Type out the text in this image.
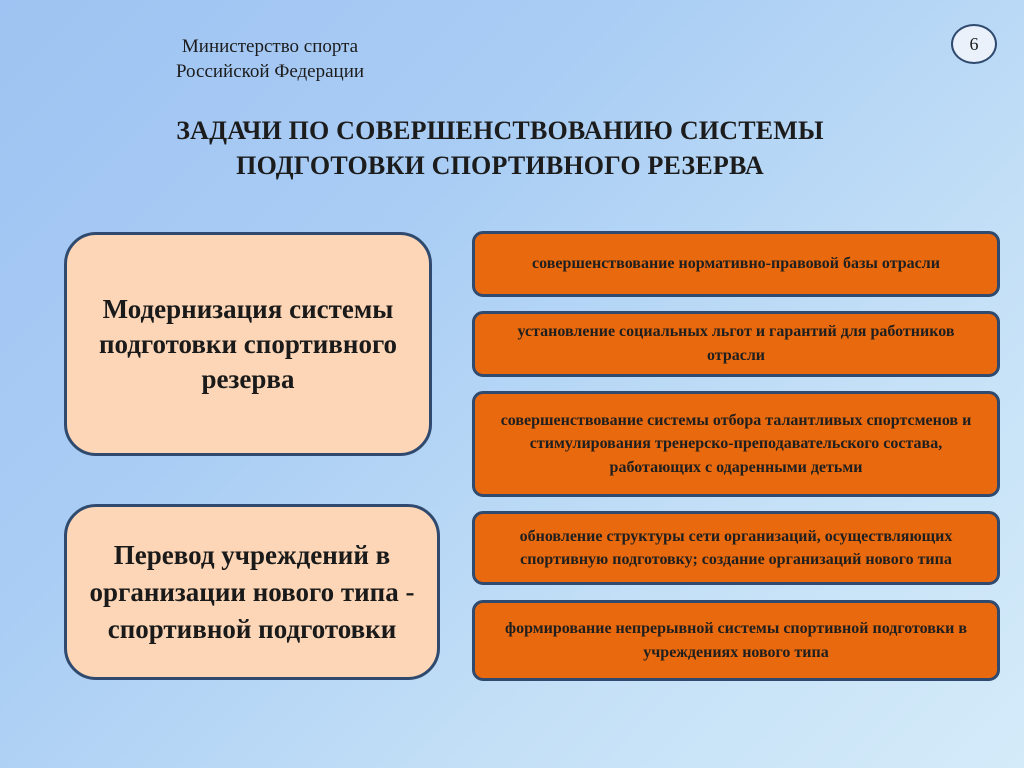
Министерство спорта Российской Федерации
6
ЗАДАЧИ ПО СОВЕРШЕНСТВОВАНИЮ СИСТЕМЫ ПОДГОТОВКИ СПОРТИВНОГО РЕЗЕРВА
Модернизация системы подготовки спортивного резерва
Перевод учреждений в организации нового типа - спортивной подготовки
совершенствование нормативно-правовой базы отрасли
установление социальных льгот и гарантий для работников отрасли
совершенствование системы отбора талантливых спортсменов и стимулирования тренерско-преподавательского состава, работающих с одаренными детьми
обновление структуры сети организаций, осуществляющих спортивную подготовку; создание организаций нового типа
формирование непрерывной системы спортивной подготовки в учреждениях нового типа
